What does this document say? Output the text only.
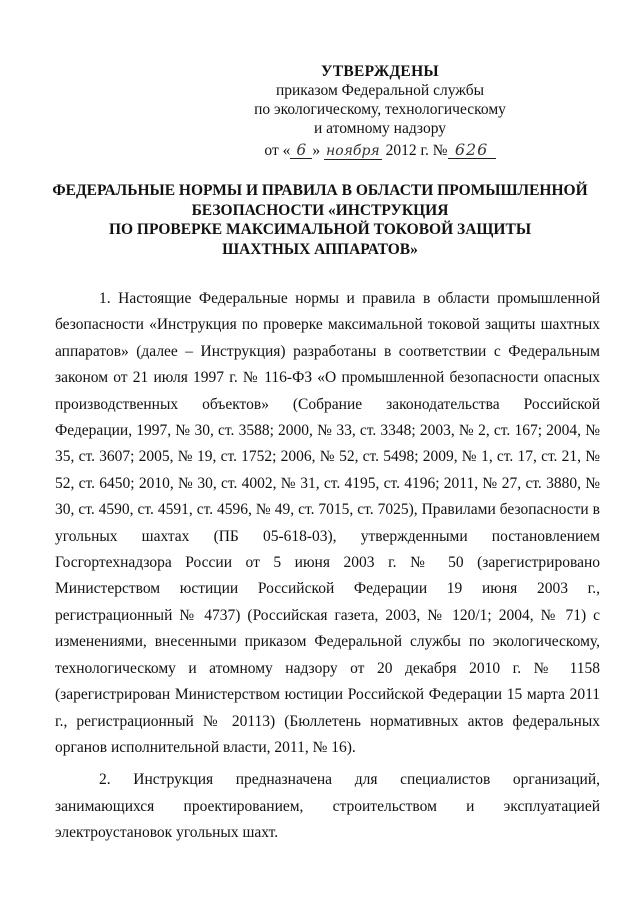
УТВЕРЖДЕНЫ
приказом Федеральной службы
по экологическому, технологическому
и атомному надзору
от « 6 » ноября 2012 г. № 626
ФЕДЕРАЛЬНЫЕ НОРМЫ И ПРАВИЛА В ОБЛАСТИ ПРОМЫШЛЕННОЙ
БЕЗОПАСНОСТИ «ИНСТРУКЦИЯ
ПО ПРОВЕРКЕ МАКСИМАЛЬНОЙ ТОКОВОЙ ЗАЩИТЫ
ШАХТНЫХ АППАРАТОВ»

1. Настоящие Федеральные нормы и правила в области промышленной безопасности «Инструкция по проверке максимальной токовой защиты шахтных аппаратов» (далее – Инструкция) разработаны в соответствии с Федеральным законом от 21 июля 1997 г. № 116-ФЗ «О промышленной безопасности опасных производственных объектов» (Собрание законодательства Российской Федерации, 1997, № 30, ст. 3588; 2000, № 33, ст. 3348; 2003, № 2, ст. 167; 2004, № 35, ст. 3607; 2005, № 19, ст. 1752; 2006, № 52, ст. 5498; 2009, № 1, ст. 17, ст. 21, № 52, ст. 6450; 2010, № 30, ст. 4002, № 31, ст. 4195, ст. 4196; 2011, № 27, ст. 3880, № 30, ст. 4590, ст. 4591, ст. 4596, № 49, ст. 7015, ст. 7025), Правилами безопасности в угольных шахтах (ПБ 05-618-03), утвержденными постановлением Госгортехнадзора России от 5 июня 2003 г. № 50 (зарегистрировано Министерством юстиции Российской Федерации 19 июня 2003 г., регистрационный № 4737) (Российская газета, 2003, № 120/1; 2004, № 71) с изменениями, внесенными приказом Федеральной службы по экологическому, технологическому и атомному надзору от 20 декабря 2010 г. № 1158 (зарегистрирован Министерством юстиции Российской Федерации 15 марта 2011 г., регистрационный № 20113) (Бюллетень нормативных актов федеральных органов исполнительной власти, 2011, № 16).

2. Инструкция предназначена для специалистов организаций, занимающихся проектированием, строительством и эксплуатацией электроустановок угольных шахт.
